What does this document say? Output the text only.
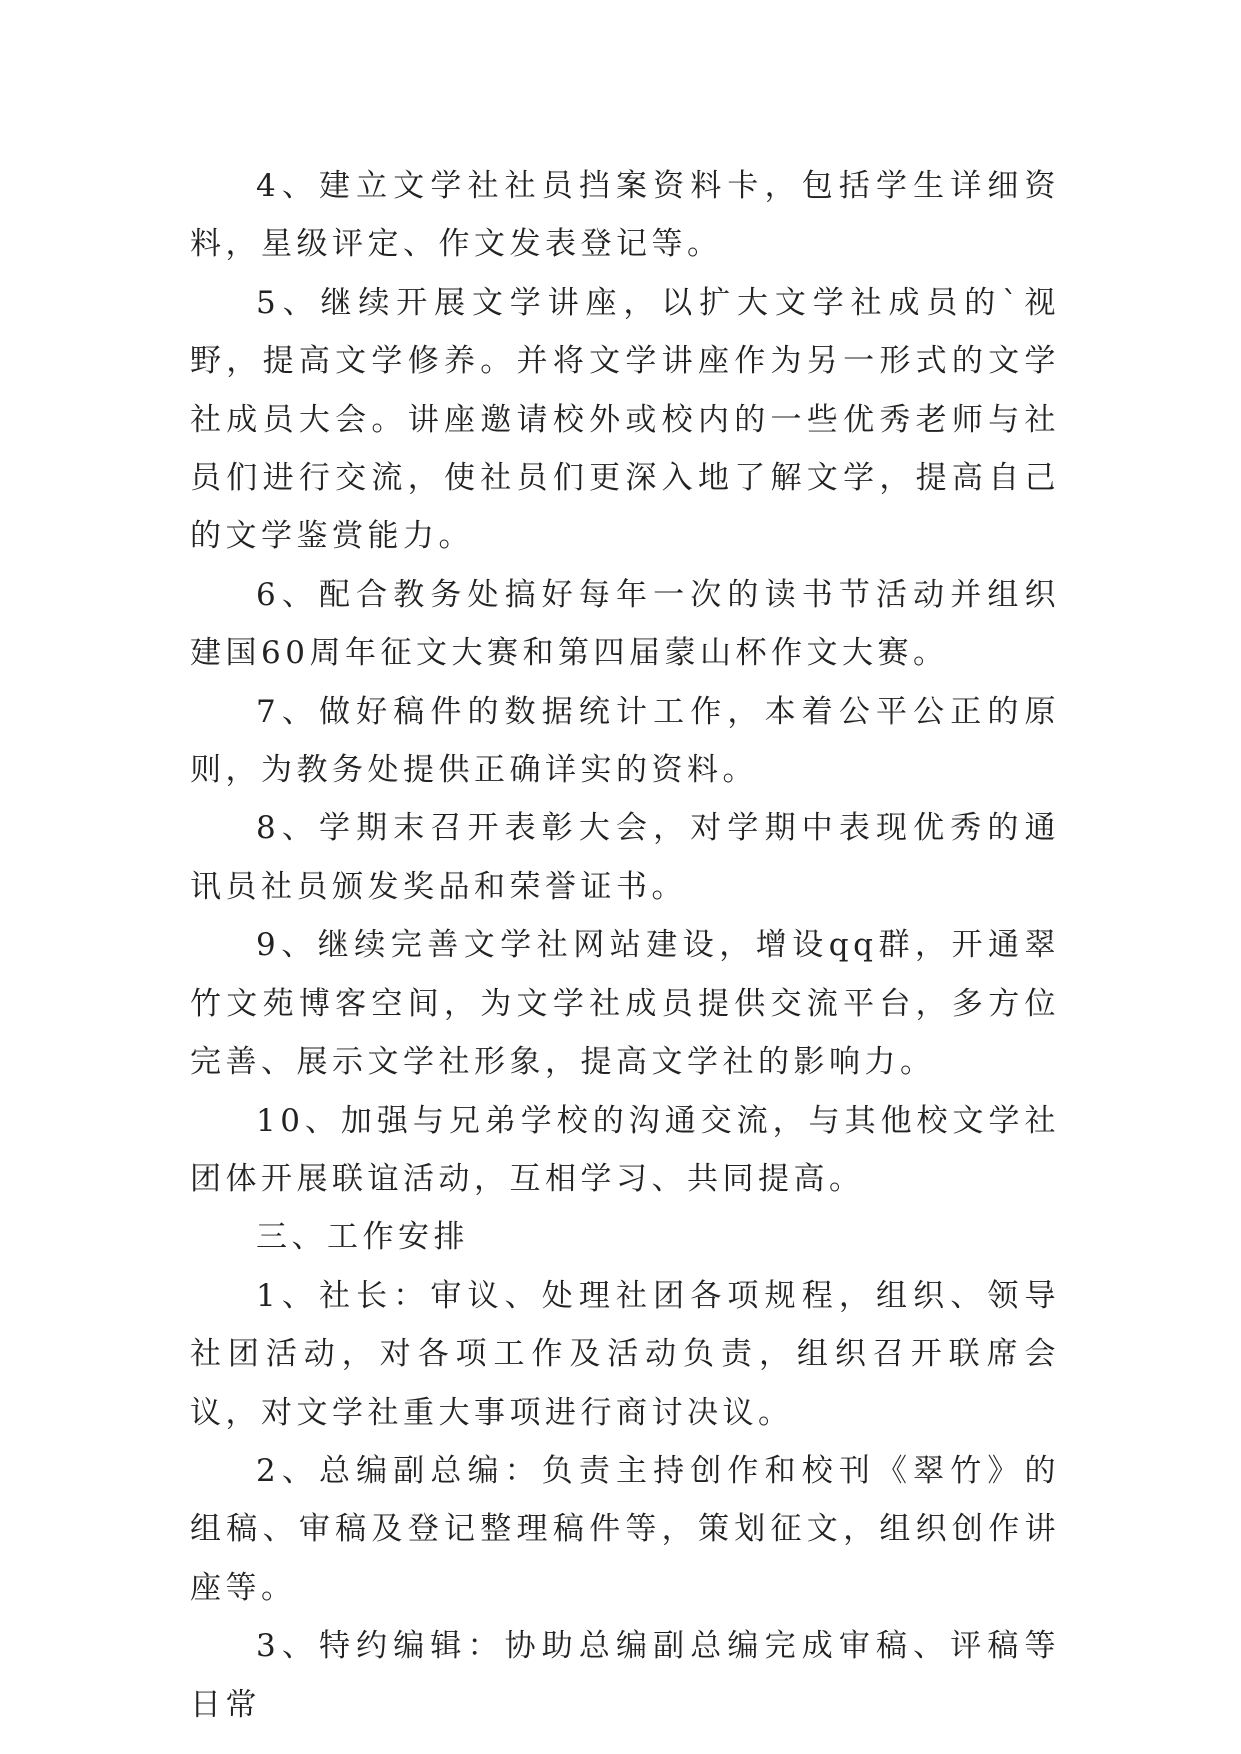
4、建立文学社社员挡案资料卡，包括学生详细资料，星级评定、作文发表登记等。

5、继续开展文学讲座，以扩大文学社成员的`视野，提高文学修养。并将文学讲座作为另一形式的文学社成员大会。讲座邀请校外或校内的一些优秀老师与社员们进行交流，使社员们更深入地了解文学，提高自己的文学鉴赏能力。

6、配合教务处搞好每年一次的读书节活动并组织建国60周年征文大赛和第四届蒙山杯作文大赛。

7、做好稿件的数据统计工作，本着公平公正的原则，为教务处提供正确详实的资料。

8、学期末召开表彰大会，对学期中表现优秀的通讯员社员颁发奖品和荣誉证书。

9、继续完善文学社网站建设，增设qq群，开通翠竹文苑博客空间，为文学社成员提供交流平台，多方位完善、展示文学社形象，提高文学社的影响力。

10、加强与兄弟学校的沟通交流，与其他校文学社团体开展联谊活动，互相学习、共同提高。

三、工作安排

1、社长：审议、处理社团各项规程，组织、领导社团活动，对各项工作及活动负责，组织召开联席会议，对文学社重大事项进行商讨决议。

2、总编副总编：负责主持创作和校刊《翠竹》的组稿、审稿及登记整理稿件等，策划征文，组织创作讲座等。

3、特约编辑：协助总编副总编完成审稿、评稿等日常
